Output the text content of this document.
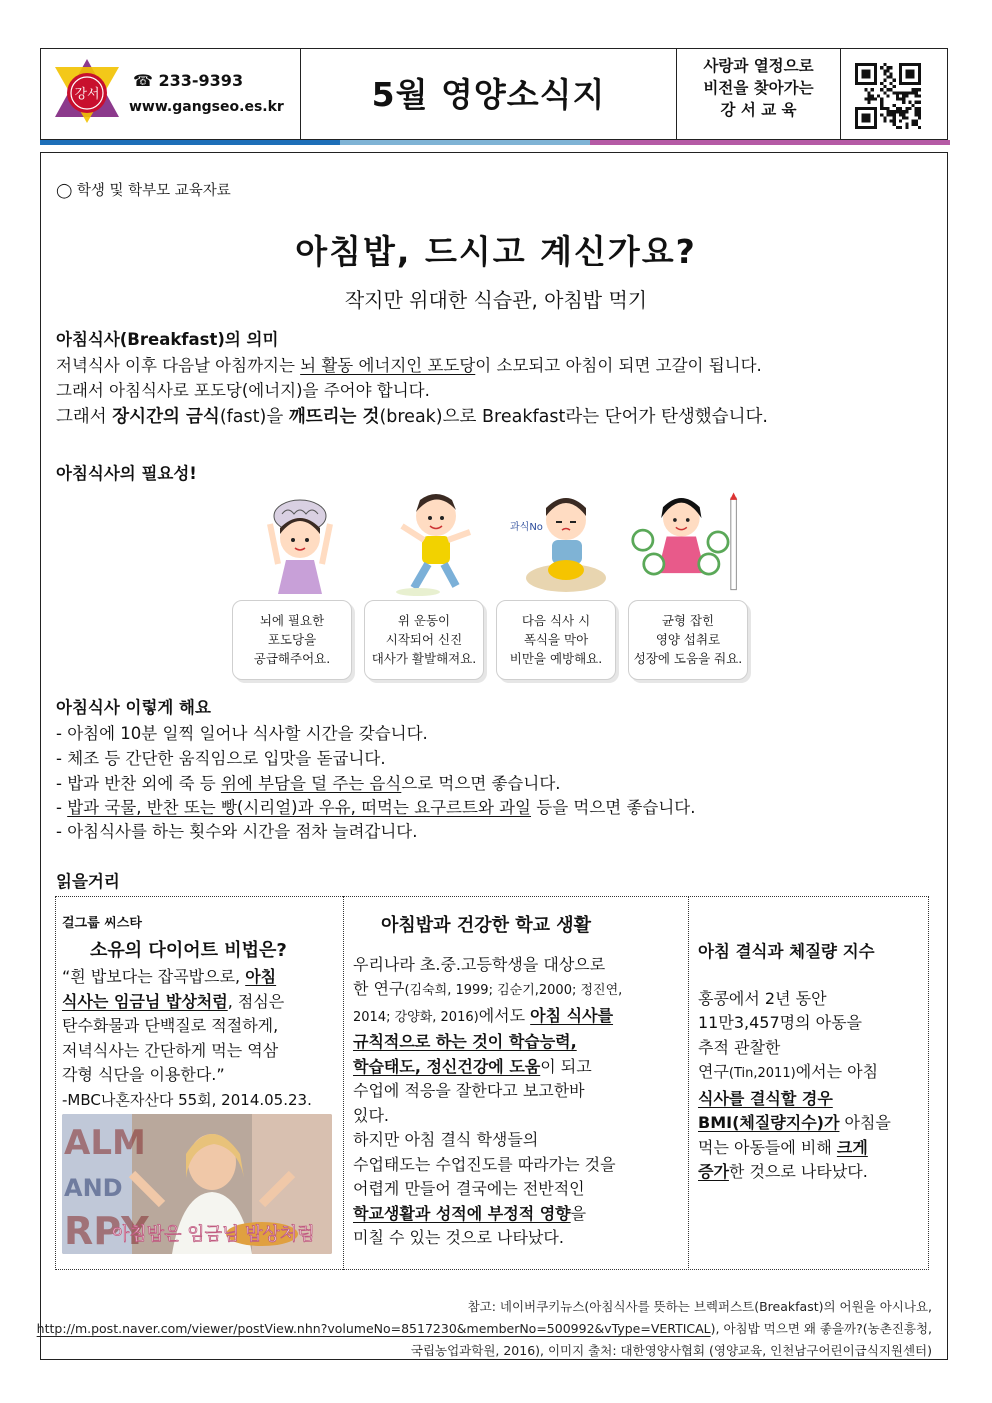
강서
☎ 233-9393
www.gangseo.es.kr	5월 영양소식지
사랑과 열정으로
비전을 찾아가는
강 서 교 육
◯ 학생 및 학부모 교육자료
아침밥, 드시고 계신가요?
작지만 위대한 식습관, 아침밥 먹기
아침식사(Breakfast)의 의미
저녁식사 이후 다음날 아침까지는 뇌 활동 에너지인 포도당이 소모되고 아침이 되면 고갈이 됩니다.
그래서 아침식사로 포도당(에너지)을 주어야 합니다.
그래서 장시간의 금식(fast)을 깨뜨리는 것(break)으로 Breakfast라는 단어가 탄생했습니다.
아침식사의 필요성!
과식No
뇌에 필요한
포도당을
공급해주어요.
위 운동이
시작되어 신진
대사가 활발해져요.
다음 식사 시
폭식을 막아
비만을 예방해요.
균형 잡힌
영양 섭취로
성장에 도움을 줘요.
아침식사 이렇게 해요
- 아침에 10분 일찍 일어나 식사할 시간을 갖습니다.
- 체조 등 간단한 움직임으로 입맛을 돋굽니다.
- 밥과 반찬 외에 죽 등 위에 부담을 덜 주는 음식으로 먹으면 좋습니다.
- 밥과 국물, 반찬 또는 빵(시리얼)과 우유, 떠먹는 요구르트와 과일 등을 먹으면 좋습니다.
- 아침식사를 하는 횟수와 시간을 점차 늘려갑니다.
읽을거리
걸그룹 씨스타
소유의 다이어트 비법은?
“흰 밥보다는 잡곡밥으로, 아침
식사는 임금님 밥상처럼, 점심은
탄수화물과 단백질로 적절하게,
저녁식사는 간단하게 먹는 역삼
각형 식단을 이용한다.”
-MBC나혼자산다 55회, 2014.05.23.
ALM
AND
RPY
아침밥은 임금님 밥상처럼
아침밥과 건강한 학교 생활
우리나라 초.중.고등학생을 대상으로
한 연구(김숙희, 1999; 김순기,2000; 정진연,
2014; 강양화, 2016)에서도 아침 식사를
규칙적으로 하는 것이 학습능력,
학습태도, 정신건강에 도움이 되고
수업에 적응을 잘한다고 보고한바
있다.
하지만 아침 결식 학생들의
수업태도는 수업진도를 따라가는 것을
어렵게 만들어 결국에는 전반적인
학교생활과 성적에 부정적 영향을
미칠 수 있는 것으로 나타났다.
아침 결식과 체질량 지수
홍콩에서 2년 동안
11만3,457명의 아동을
추적 관찰한
연구(Tin,2011)에서는 아침
식사를 결식할 경우
BMI(체질량지수)가 아침을
먹는 아동들에 비해 크게
증가한 것으로 나타났다.
참고: 네이버쿠키뉴스(아침식사를 뜻하는 브렉퍼스트(Breakfast)의 어원을 아시나요,
http://m.post.naver.com/viewer/postView.nhn?volumeNo=8517230&memberNo=500992&vType=VERTICAL), 아침밥 먹으면 왜 좋을까?(농촌진흥청,
국립농업과학원, 2016), 이미지 출처: 대한영양사협회 (영양교육, 인천남구어린이급식지원센터)
